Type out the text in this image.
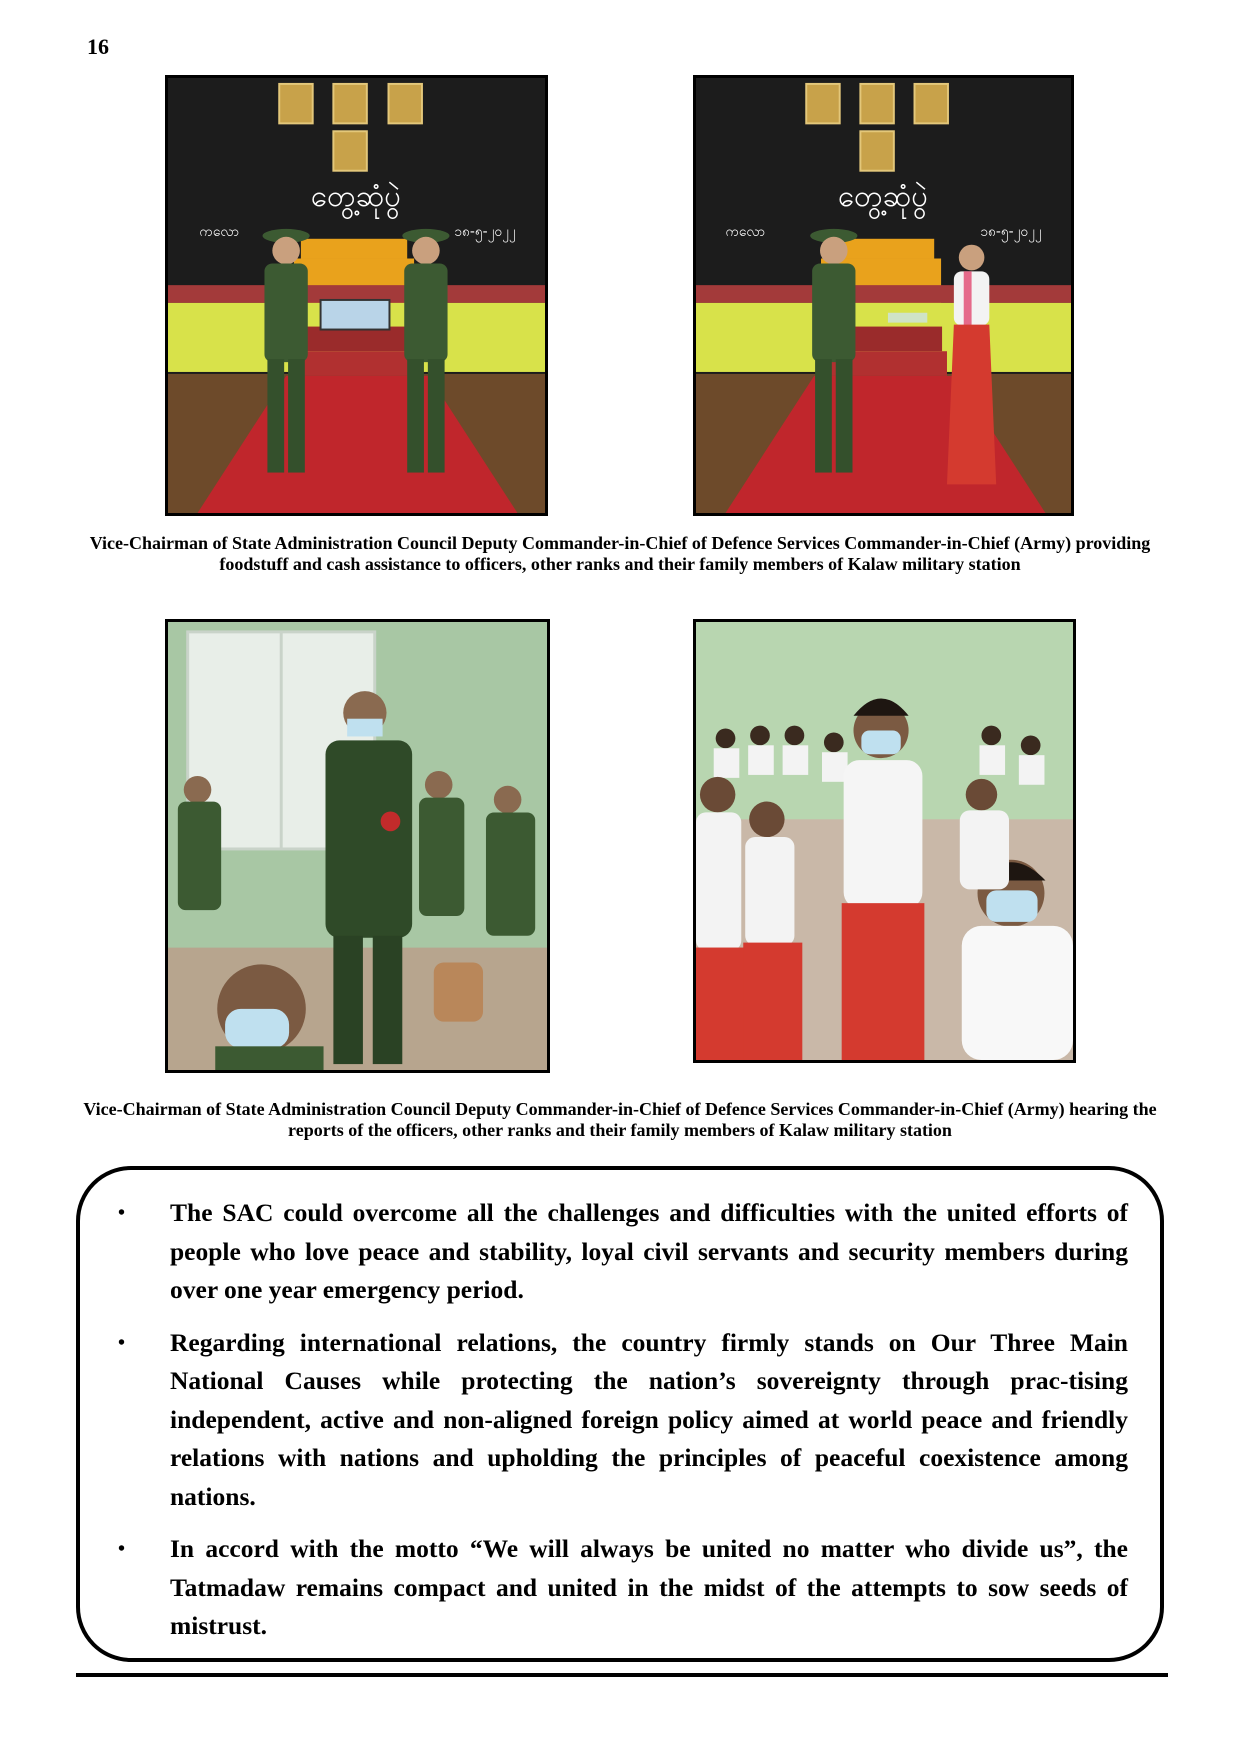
16
တွေ့ဆုံပွဲ
ကလော	၁၈-၅-၂၀၂၂
တွေ့ဆုံပွဲ
ကလော	၁၈-၅-၂၀၂၂
Vice-Chairman of State Administration Council Deputy Commander-in-Chief of Defence Services Commander-in-Chief (Army) providing foodstuff and cash assistance to officers, other ranks and their family members of Kalaw military station
Vice-Chairman of State Administration Council Deputy Commander-in-Chief of Defence Services Commander-in-Chief (Army) hearing the reports of the officers, other ranks and their family members of Kalaw military station
• The SAC could overcome all the challenges and difficulties with the united efforts of people who love peace and stability, loyal civil servants and security members during over one year emergency period.
• Regarding international relations, the country firmly stands on Our Three Main National Causes while protecting the nation’s sovereignty through prac-tising independent, active and non-aligned foreign policy aimed at world peace and friendly relations with nations and upholding the principles of peaceful coexistence among nations.
• In accord with the motto “We will always be united no matter who divide us”, the Tatmadaw remains compact and united in the midst of the attempts to sow seeds of mistrust.
